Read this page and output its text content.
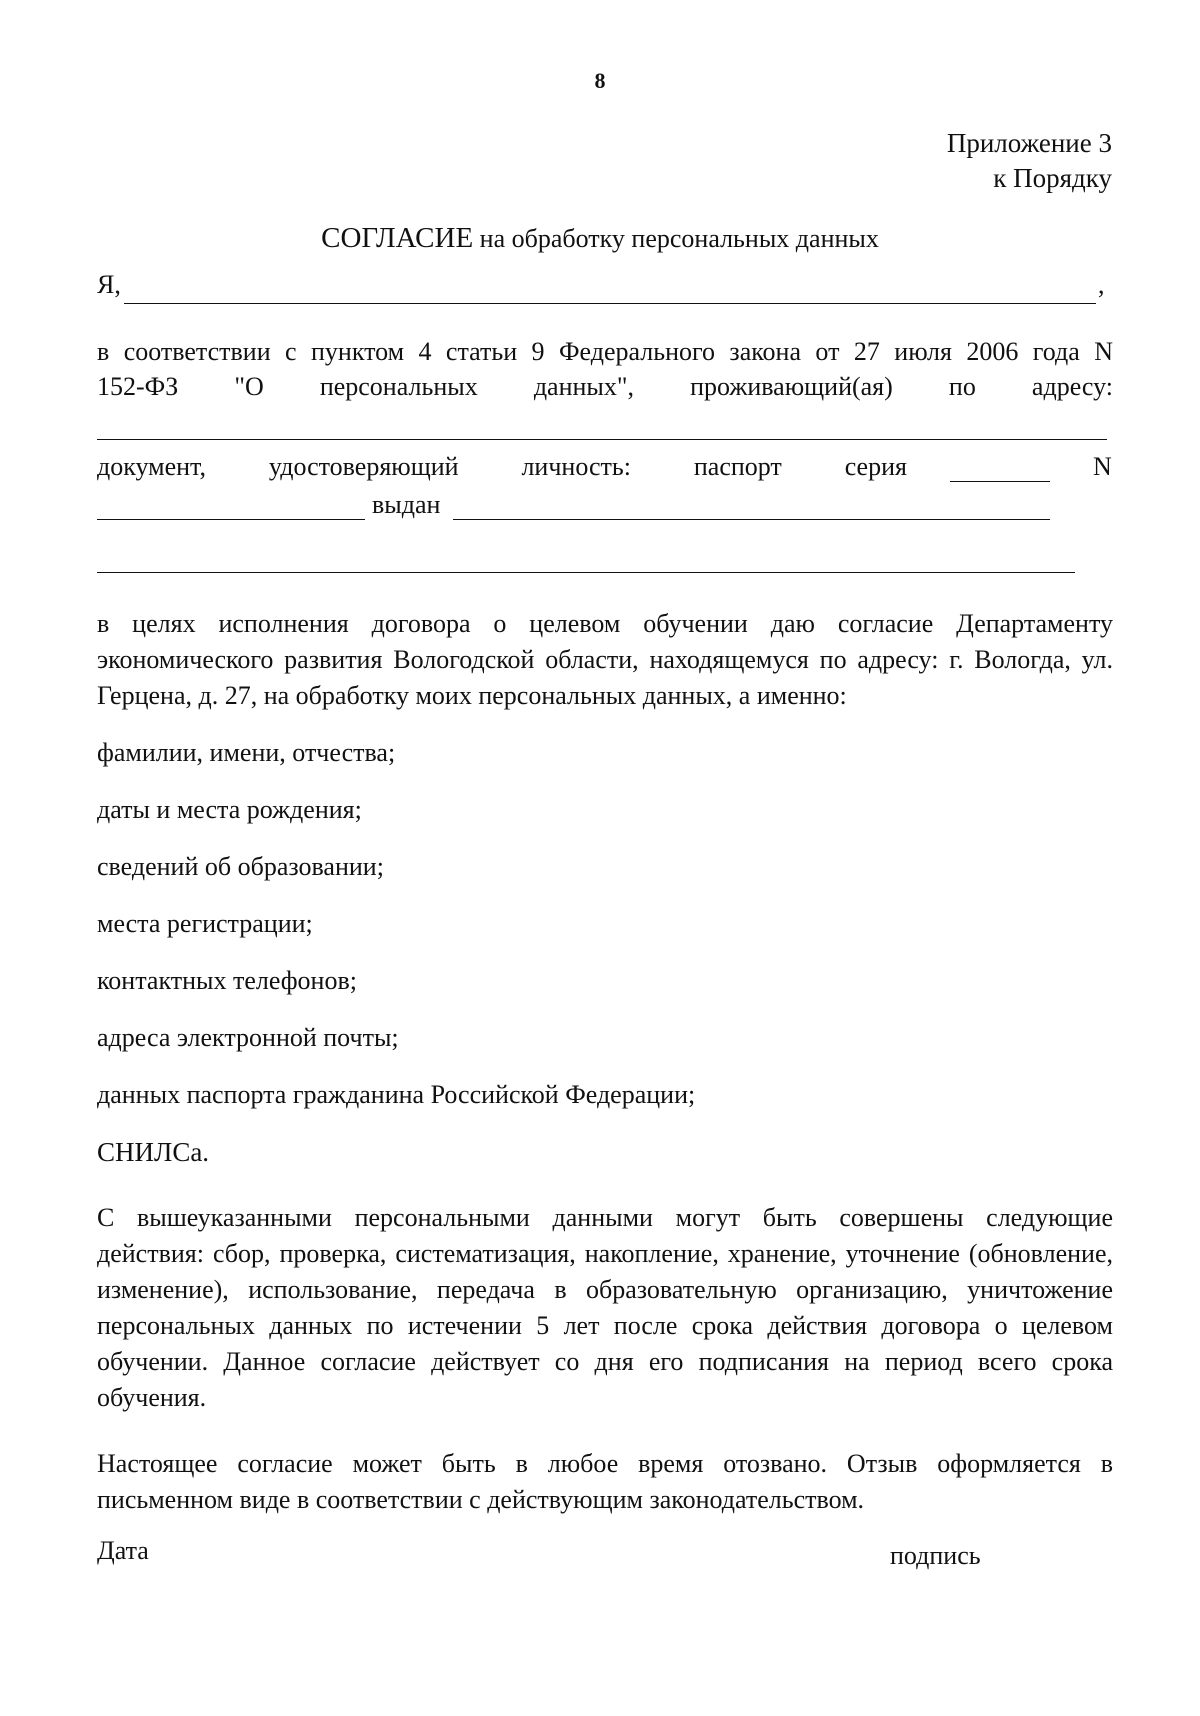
8
Приложение 3
к Порядку
СОГЛАСИЕ на обработку персональных данных
Я,	,
в соответствии с пунктом 4 статьи 9 Федерального закона от 27 июля 2006 года N
152-ФЗ "О персональных данных", проживающий(ая) по адресу:
документ, удостоверяющий личность: паспорт серия	N
выдан
в целях исполнения договора о целевом обучении даю согласие Департаменту экономического развития Вологодской области, находящемуся по адресу: г. Вологда, ул. Герцена, д. 27, на обработку моих персональных данных, а именно:
фамилии, имени, отчества;
даты и места рождения;
сведений об образовании;
места регистрации;
контактных телефонов;
адреса электронной почты;
данных паспорта гражданина Российской Федерации;
СНИЛСа.
С вышеуказанными персональными данными могут быть совершены следующие действия: сбор, проверка, систематизация, накопление, хранение, уточнение (обновление, изменение), использование, передача в образовательную организацию, уничтожение персональных данных по истечении 5 лет после срока действия договора о целевом обучении. Данное согласие действует со дня его подписания на период всего срока обучения.
Настоящее согласие может быть в любое время отозвано. Отзыв оформляется в письменном виде в соответствии с действующим законодательством.
Дата	подпись
